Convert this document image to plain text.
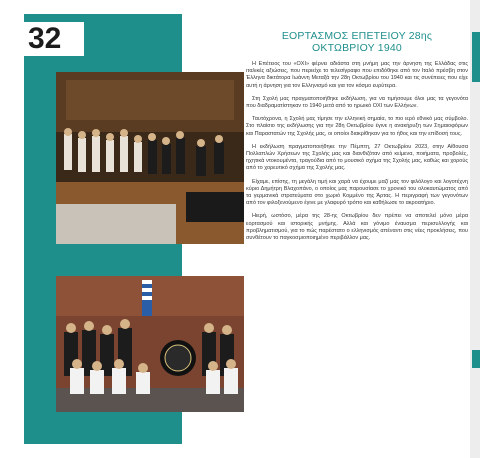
32	ΕΟΡΤΑΣΜΟΣ ΕΠΕΤΕΙΟΥ 28ης
ΟΚΤΩΒΡΙΟΥ 1940

Η Επέτειος του «ΟΧΙ» φέρνει αδιάστα στη μνήμη μας την άρνηση της Ελλάδας στις ιταλικές αξιώσεις, που περιείχε το τελεσίγραφο που επιδόθηκε από τον Ιταλό πρέσβη στον Έλληνα δικτάτορα Ιωάννη Μεταξά την 28η Οκτωβρίου του 1940 και τις συνέπειες που είχε αυτή η άρνηση για τον Ελληνισμό και για τον κόσμο ευρύτερα.

Στη Σχολή μας πραγματοποιήθηκε εκδήλωση, για να τιμήσουμε όλοι μας τα γεγονότα που διαδραματίστηκαν το 1940 μετά από το ηρωικό ΟΧΙ των Ελλήνων.

Ταυτόχρονα, η Σχολή μας τίμησε την ελληνική σημαία, το πιο ιερό εθνικό μας σύμβολο. Στο πλαίσιο της εκδήλωσης για την 28η Οκτωβρίου έγινε η ανακήρυξη των Σημαιοφόρων και Παραστατών της Σχολής μας, οι οποίοι διακρίθηκαν για το ήθος και την επίδοσή τους.

Η εκδήλωση πραγματοποιήθηκε την Πέμπτη, 27 Οκτωβρίου 2023, στην Αίθουσα Πολλαπλών Χρήσεων της Σχολής μας και διανθιζόταν από κείμενα, ποιήματα, προβολές, ηχητικά ντοκουμέντα, τραγούδια από το μουσικό σχήμα της Σχολής μας, καθώς και χορούς από το χορευτικό σχήμα της Σχολής μας.

Είχαμε, επίσης, τη μεγάλη τιμή και χαρά να έχουμε μαζί μας τον φιλόλογο και λογοτέχνη κύριο Δημήτρη Βλαχοπάνο, ο οποίος μας παρουσίασε το χρονικό του ολοκαυτώματος από τα γερμανικά στρατεύματα στο χωριό Κομμένο της Άρτας. Η περιγραφή των γεγονότων από τον φιλοξενούμενο έγινε με γλαφυρό τρόπο και καθήλωσε το ακροατήριο.

Ηιερή, ωστόσο, μέρα της 28-ης Οκτωβρίου δεν πρέπει να αποτελεί μόνο μέρα εορτασμού και ιστορικής μνήμης. Αλλά και γόνιμο έναυσμα περισυλλογής και προβληματισμού, για το πώς παρέστατο ο ελληνισμός απέναντι στις νέες προκλήσεις, που συνθέτουν το παγκοσμιοποιημένο περιβάλλον μας.
